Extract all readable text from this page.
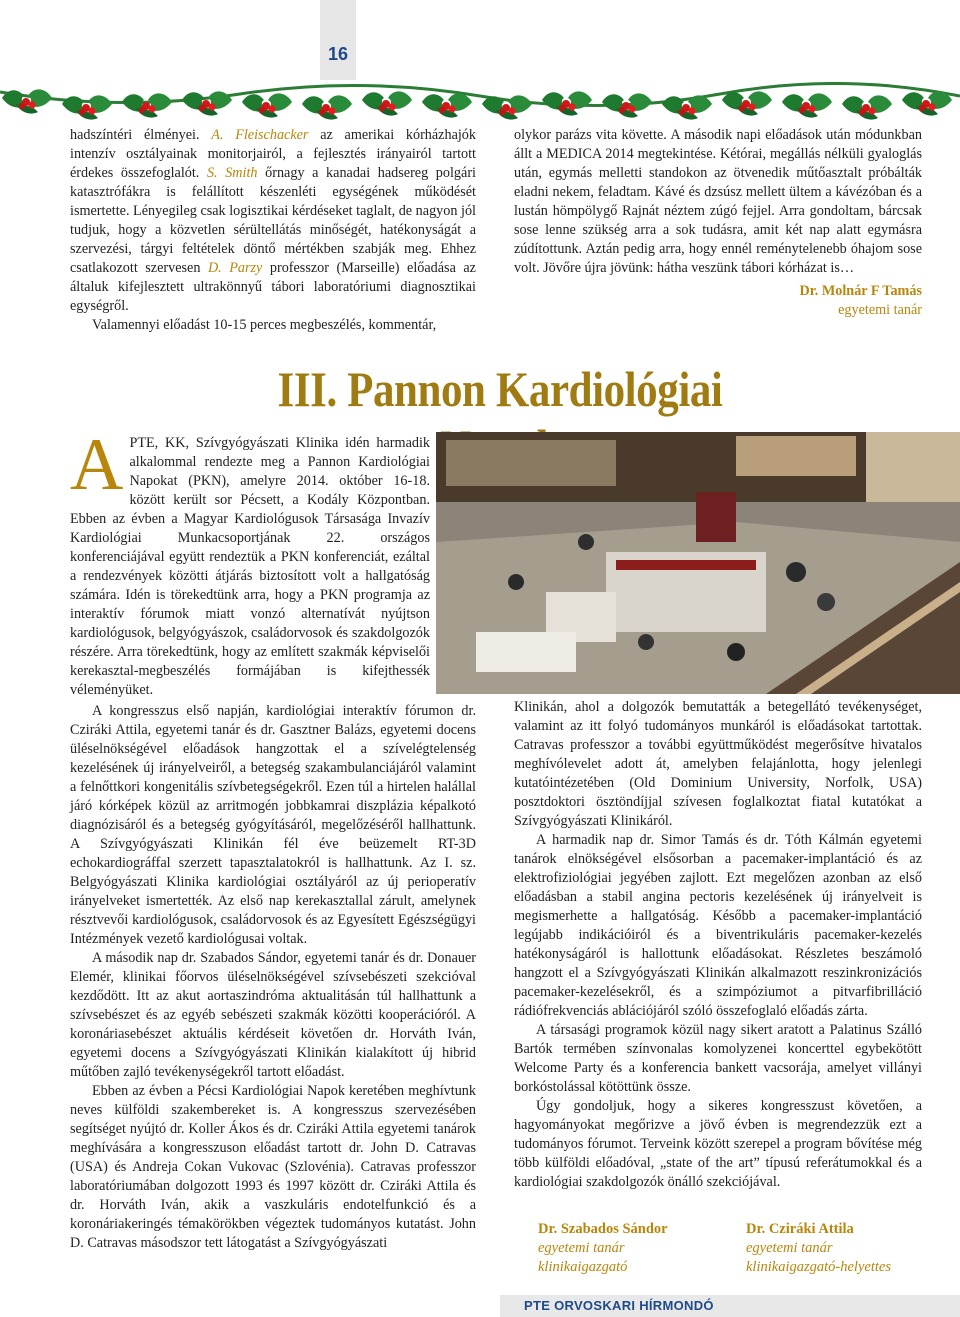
16

hadszíntéri élményei. A. Fleischacker az amerikai kórházhajók intenzív osztályainak monitorjairól, a fejlesztés irányairól tartott érdekes összefoglalót. S. Smith őrnagy a kanadai hadsereg polgári katasztrófákra is felállított készenléti egységének működését ismertette. Lényegileg csak logisztikai kérdéseket taglalt, de nagyon jól tudjuk, hogy a közvetlen sérültellátás minőségét, hatékonyságát a szervezési, tárgyi feltételek döntő mértékben szabják meg. Ehhez csatlakozott szervesen D. Parzy professzor (Marseille) előadása az általuk kifejlesztett ultrakönnyű tábori laboratóriumi diagnosztikai egységről.

Valamennyi előadást 10-15 perces megbeszélés, kommentár,

olykor parázs vita követte. A második napi előadások után módunkban állt a MEDICA 2014 megtekintése. Kétórai, megállás nélküli gyaloglás után, egymás melletti standokon az ötvenedik műtőasztalt próbálták eladni nekem, feladtam. Kávé és dzsúsz mellett ültem a kávézóban és a lustán hömpölygő Rajnát néztem zúgó fejjel. Arra gondoltam, bárcsak sose lenne szükség arra a sok tudásra, amit két nap alatt egymásra zúdítottunk. Aztán pedig arra, hogy ennél reménytelenebb óhajom sose volt. Jövőre újra jövünk: hátha veszünk tábori kórházat is…

Dr. Molnár F Tamás

egyetemi tanár

III. Pannon Kardiológiai

APTE, KK, Szívgyógyászati Klinika idén harmadik alkalommal rendezte meg a Pannon Kardiológiai Napokat (PKN), amelyre 2014. október 16-18. között került sor Pécsett, a Kodály Központban. Ebben az évben a Magyar Kardiológusok Társasága Invazív Kardiológiai Munkacsoportjának 22. országos konferenciájával együtt rendeztük a PKN konferenciát, ezáltal a rendezvények közötti átjárás biztosított volt a hallgatóság számára. Idén is törekedtünk arra, hogy a PKN programja az interaktív fórumok miatt vonzó alternatívát nyújtson kardiológusok, belgyógyászok, családorvosok és szakdolgozók részére. Arra törekedtünk, hogy az említett szakmák képviselői kerekasztal-megbeszélés formájában is kifejthessék véleményüket.

A kongresszus első napján, kardiológiai interaktív fórumon dr. Cziráki Attila, egyetemi tanár és dr. Gasztner Balázs, egyetemi docens üléselnökségével előadások hangzottak el a szívelégtelenség kezelésének új irányelveiről, a betegség szakambulanciájáról valamint a felnőttkori kongenitális szívbetegségekről. Ezen túl a hirtelen halállal járó kórképek közül az arritmogén jobbkamrai diszplázia képalkotó diagnózisáról és a betegség gyógyításáról, megelőzéséről hallhattunk. A Szívgyógyászati Klinikán fél éve beüzemelt RT-3D echokardiográffal szerzett tapasztalatokról is hallhattunk. Az I. sz. Belgyógyászati Klinika kardiológiai osztályáról az új perioperatív irányelveket ismertették. Az első nap kerekasztallal zárult, amelynek résztvevői kardiológusok, családorvosok és az Egyesített Egészségügyi Intézmények vezető kardiológusai voltak.

A második nap dr. Szabados Sándor, egyetemi tanár és dr. Donauer Elemér, klinikai főorvos üléselnökségével szívsebészeti szekcióval kezdődött. Itt az akut aortaszindróma aktualitásán túl hallhattunk a szívsebészet és az egyéb sebészeti szakmák közötti kooperációról. A koronáriasebészet aktuális kérdéseit követően dr. Horváth Iván, egyetemi docens a Szívgyógyászati Klinikán kialakított új hibrid műtőben zajló tevékenységekről tartott előadást.

Ebben az évben a Pécsi Kardiológiai Napok keretében meghívtunk neves külföldi szakembereket is. A kongresszus szervezésében segítséget nyújtó dr. Koller Ákos és dr. Cziráki Attila egyetemi tanárok meghívására a kongresszuson előadást tartott dr. John D. Catravas (USA) és Andreja Cokan Vukovac (Szlovénia). Catravas professzor laboratóriumában dolgozott 1993 és 1997 között dr. Cziráki Attila és dr. Horváth Iván, akik a vaszkuláris endotelfunkció és a koronáriakeringés témakörökben végeztek tudományos kutatást. John D. Catravas másodszor tett látogatást a Szívgyógyászati

Klinikán, ahol a dolgozók bemutatták a betegellátó tevékenységet, valamint az itt folyó tudományos munkáról is előadásokat tartottak. Catravas professzor a további együttműködést megerősítve hivatalos meghívólevelet adott át, amelyben felajánlotta, hogy jelenlegi kutatóintézetében (Old Dominium University, Norfolk, USA) posztdoktori ösztöndíjjal szívesen foglalkoztat fiatal kutatókat a Szívgyógyászati Klinikáról.

A harmadik nap dr. Simor Tamás és dr. Tóth Kálmán egyetemi tanárok elnökségével elsősorban a pacemaker-implantáció és az elektrofiziológiai jegyében zajlott. Ezt megelőzen azonban az első előadásban a stabil angina pectoris kezelésének új irányelveit is megismerhette a hallgatóság. Később a pacemaker-implantáció legújabb indikációiról és a biventrikuláris pacemaker-kezelés hatékonyságáról is hallottunk előadásokat. Részletes beszámoló hangzott el a Szívgyógyászati Klinikán alkalmazott reszinkronizációs pacemaker-kezelésekről, és a szimpóziumot a pitvarfibrilláció rádiófrekvenciás ablációjáról szóló összefoglaló előadás zárta.

A társasági programok közül nagy sikert aratott a Palatinus Szálló Bartók termében színvonalas komolyzenei koncerttel egybekötött Welcome Party és a konferencia bankett vacsorája, amelyet villányi borkóstolással kötöttünk össze.

Úgy gondoljuk, hogy a sikeres kongresszust követően, a hagyományokat megőrizve a jövő évben is megrendezzük ezt a tudományos fórumot. Terveink között szerepel a program bővítése még több külföldi előadóval, „state of the art” típusú referátumokkal és a kardiológiai szakdolgozók önálló szekciójával.

Dr. Szabados Sándor
egyetemi tanár
klinikaigazgató
Dr. Cziráki Attila
egyetemi tanár
klinikaigazgató-helyettes
PTE ORVOSKARI HÍRMONDÓ
